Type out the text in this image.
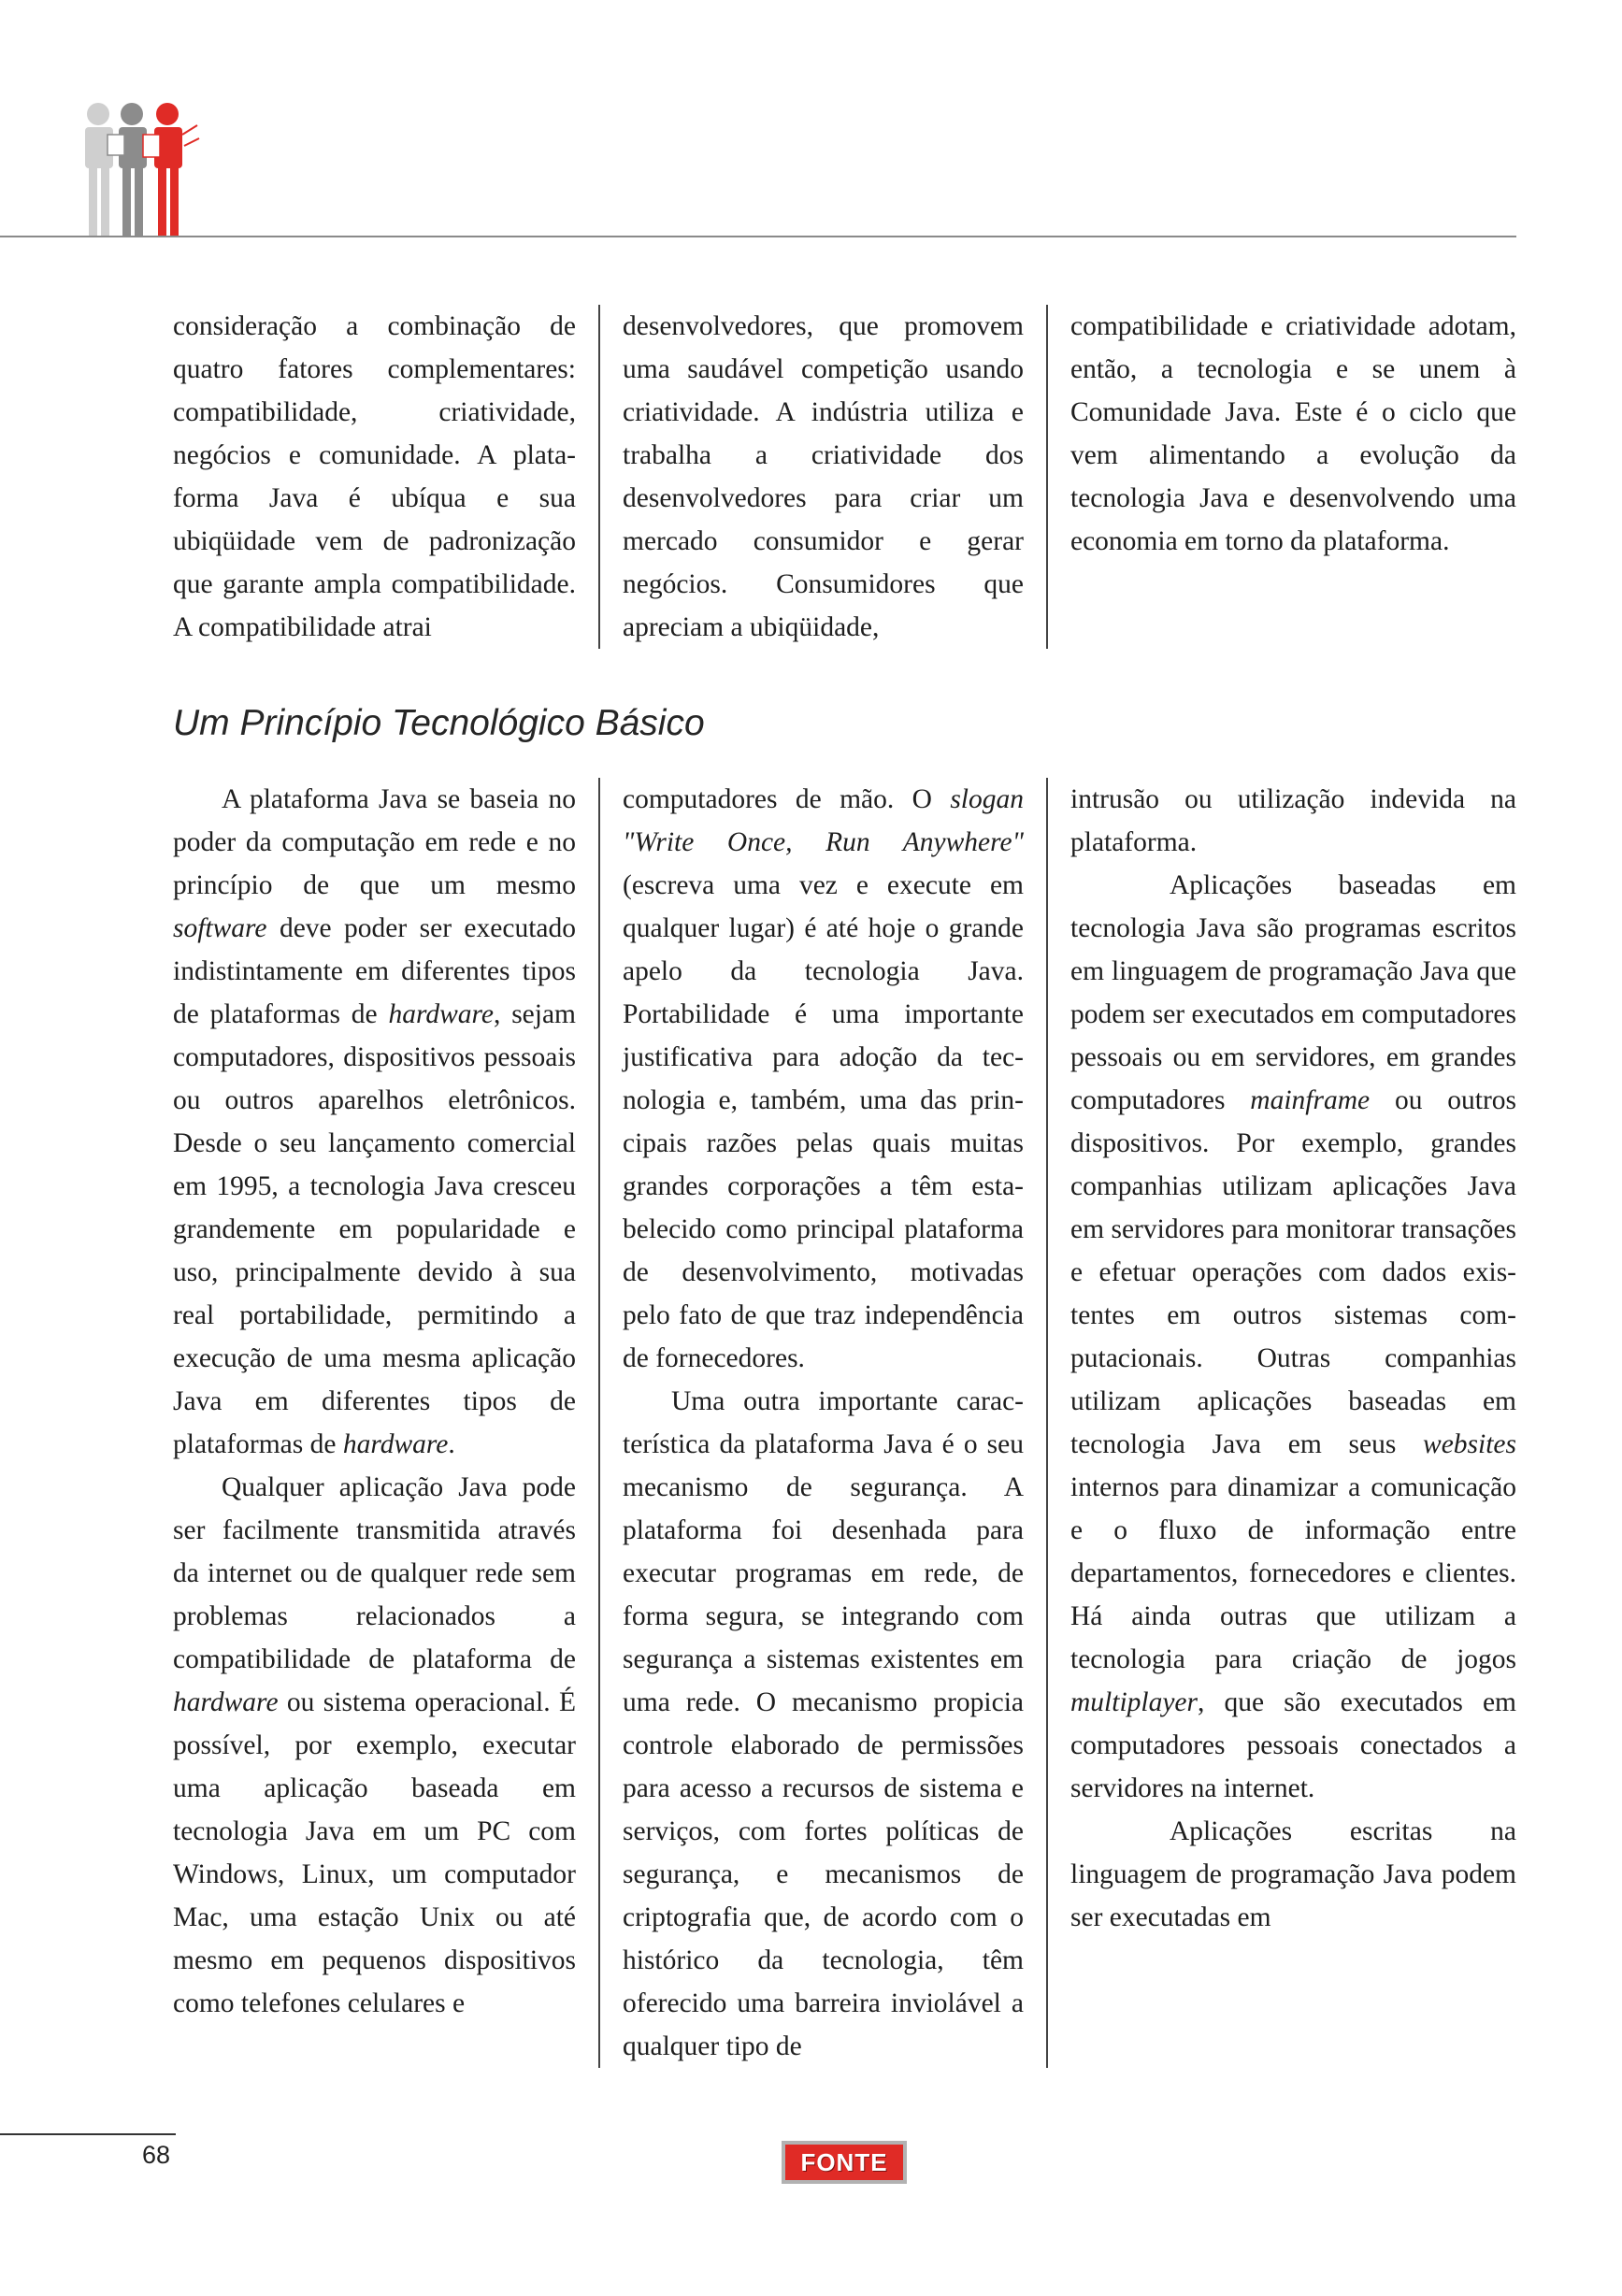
consideração a combinação de quatro fatores complementares: compatibilidade, criatividade, negócios e comunidade. A plataforma Java é ubíqua e sua ubiqüidade vem de padronização que garante ampla compatibilidade. A compatibilidade atrai

desenvolvedores, que promovem uma saudável competição usando criatividade. A indústria utiliza e trabalha a criatividade dos desenvolvedores para criar um mercado consumidor e gerar negócios. Consumidores que apreciam a ubiqüidade,

compatibilidade e criatividade adotam, então, a tecnologia e se unem à Comunidade Java. Este é o ciclo que vem alimentando a evolução da tecnologia Java e desenvolvendo uma economia em torno da plataforma.

Um Princípio Tecnológico Básico

A plataforma Java se baseia no poder da computação em rede e no princípio de que um mesmo software deve poder ser executado indistintamente em diferentes tipos de plataformas de hardware, sejam computadores, dispositivos pessoais ou outros aparelhos eletrônicos. Desde o seu lançamento comercial em 1995, a tecnologia Java cresceu grandemente em popularidade e uso, principalmente devido à sua real portabilidade, permitindo a execução de uma mesma aplicação Java em diferentes tipos de plataformas de hardware.

Qualquer aplicação Java pode ser facilmente transmitida através da internet ou de qualquer rede sem problemas relacionados a compatibilidade de plataforma de hardware ou sistema operacional. É possível, por exemplo, executar uma aplicação baseada em tecnologia Java em um PC com Windows, Linux, um computador Mac, uma estação Unix ou até mesmo em pequenos dispositivos como telefones celulares e

computadores de mão. O slogan "Write Once, Run Anywhere" (escreva uma vez e execute em qualquer lugar) é até hoje o grande apelo da tecnologia Java. Portabilidade é uma importante justificativa para adoção da tecnologia e, também, uma das principais razões pelas quais muitas grandes corporações a têm estabelecido como principal plataforma de desenvolvimento, motivadas pelo fato de que traz independência de fornecedores.

Uma outra importante característica da plataforma Java é o seu mecanismo de segurança. A plataforma foi desenhada para executar programas em rede, de forma segura, se integrando com segurança a sistemas existentes em uma rede. O mecanismo propicia controle elaborado de permissões para acesso a recursos de sistema e serviços, com fortes políticas de segurança, e mecanismos de criptografia que, de acordo com o histórico da tecnologia, têm oferecido uma barreira inviolável a qualquer tipo de

intrusão ou utilização indevida na plataforma.

Aplicações baseadas em tecnologia Java são programas escritos em linguagem de programação Java que podem ser executados em computadores pessoais ou em servidores, em grandes computadores mainframe ou outros dispositivos. Por exemplo, grandes companhias utilizam aplicações Java em servidores para monitorar transações e efetuar operações com dados existentes em outros sistemas computacionais. Outras companhias utilizam aplicações baseadas em tecnologia Java em seus websites internos para dinamizar a comunicação e o fluxo de informação entre departamentos, fornecedores e clientes. Há ainda outras que utilizam a tecnologia para criação de jogos multiplayer, que são executados em computadores pessoais conectados a servidores na internet.

Aplicações escritas na linguagem de programação Java podem ser executadas em

68	FONTE
